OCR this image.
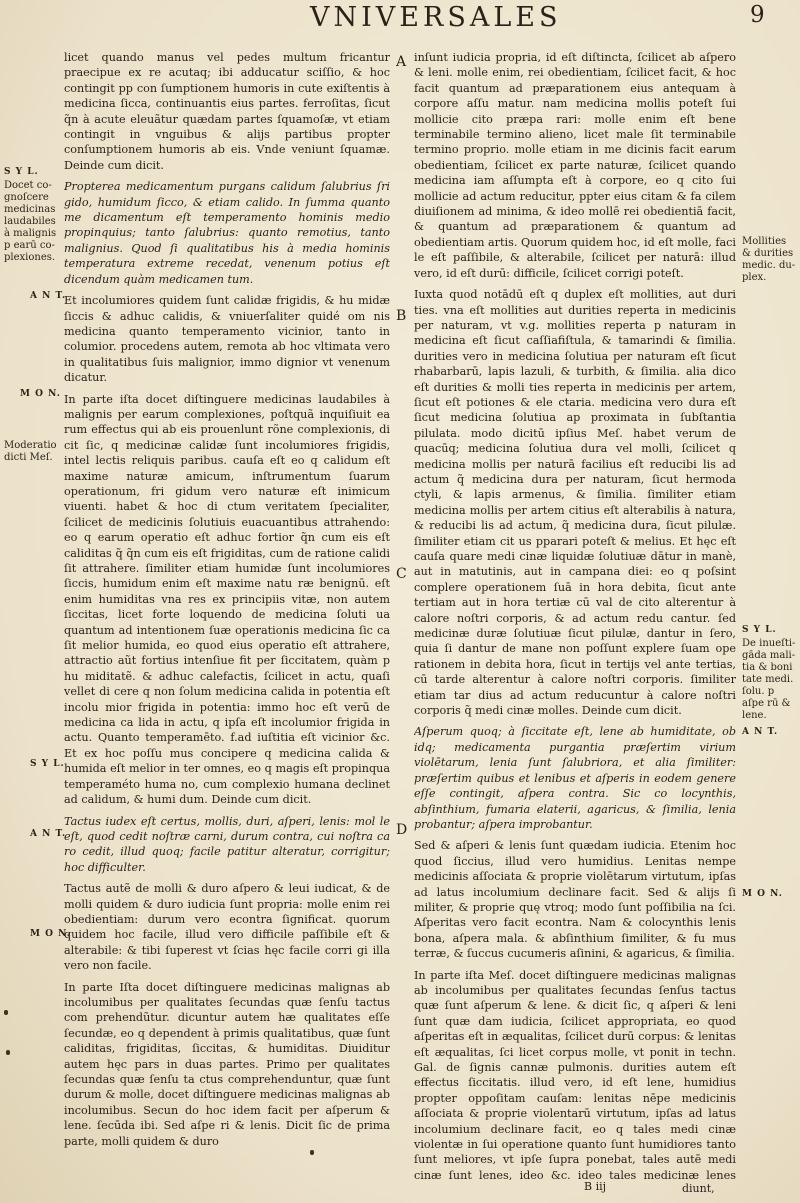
VNIVERSALES	9

licet quando manus vel pedes multum fricantur praecipue ex re acutaq; ibi adducatur sciſſio, & hoc contingit pp con ſumptionem humoris in cute exiſtentis à medicina ſicca, continuantis eius partes. ferroſitas, ſicut q̃n à acute eleuãtur quædam partes ſquamoſæ, vt etiam contingit in vnguibus & alijs partibus propter conſumptionem humoris ab eis. Vnde veniunt ſquamæ. Deinde cum dicit.

Propterea medicamentum purgans calidum ſalubrius ſri gido, humidum ſicco, & etiam calido. In ſumma quanto me dicamentum eſt temperamento hominis medio propinquius; tanto ſalubrius: quanto remotius, tanto malignius. Quod ſi qualitatibus his à media hominis temperatura extreme recedat, venenum potius eſt dicendum quàm medicamen tum.

Et incolumiores quidem ſunt calidæ frigidis, & hu midæ ſiccis & adhuc calidis, & vniuerſaliter quidé om nis medicina quanto temperamento vicinior, tanto in columior. procedens autem, remota ab hoc vltimata vero in qualitatibus ſuis malignior, immo dignior vt venenum dicatur.

In parte iſta docet diſtinguere medicinas laudabiles à malignis per earum complexiones, poſtquã inquiſiuit ea rum effectus qui ab eis prouenlunt rõne complexionis, di cit ſic, q medicinæ calidæ ſunt incolumiores frigidis, intel lectis reliquis paribus. cauſa eſt eo q calidum eſt maxime naturæ amicum, inſtrumentum ſuarum operationum, fri gidum vero naturæ eſt inimicum viuenti. habet & hoc di ctum veritatem ſpecialiter, ſcilicet de medicinis ſolutiuis euacuantibus attrahendo: eo q earum operatio eſt adhuc fortior q̃n cum eis eſt caliditas q̃ q̃n cum eis eſt frigiditas, cum de ratione calidi ſit attrahere. ſimiliter etiam humidæ ſunt incolumiores ſiccis, humidum enim eſt maxime natu ræ benignū. eſt enim humiditas vna res ex principiis vitæ, non autem ſiccitas, licet forte loquendo de medicina ſoluti ua quantum ad intentionem ſuæ operationis medicina ſic ca ſit melior humida, eo quod eius operatio eſt attrahere, attractio aũt fortius intenſiue fit per ſiccitatem, quàm p hu miditatẽ. & adhuc calefactis, ſcilicet in actu, quaſi vellet di cere q non ſolum medicina calida in potentia eſt incolu mior frigida in potentia: immo hoc eſt verū de medicina ca lida in actu, q ipſa eſt incolumior frigida in actu. Quanto temperamēto. f.ad iuſtitia eſt vicinior &c. Et ex hoc poſſu mus concipere q medicina calida & humida eſt melior in ter omnes, eo q magis eſt propinqua temperaméto huma no, cum complexio humana declinet ad calidum, & humi dum. Deinde cum dicit.

Tactus iudex eſt certus, mollis, duri, aſperi, lenis: mol le eſt, quod cedit noſtræ carni, durum contra, cui noſtra ca ro cedit, illud quoq; facile patitur alteratur, corrigitur; hoc difficulter.

Tactus autẽ de molli & duro aſpero & leui iudicat, & de molli quidem & duro iudicia ſunt propria: molle enim rei obedientiam: durum vero econtra ſignificat. quorum quidem hoc facile, illud vero difficile paſſibile eſt & alterabile: & tibi ſuperest vt ſcias hęc facile corri gi illa vero non facile.

In parte Iſta docet diſtinguere medicinas malignas ab incolumibus per qualitates ſecundas quæ ſenſu tactus com prehendũtur. dicuntur autem hæ qualitates eſſe ſecundæ, eo q dependent à primis qualitatibus, quæ ſunt caliditas, frigiditas, ſiccitas, & humiditas. Diuiditur autem hęc pars in duas partes. Primo per qualitates ſecundas quæ ſenſu ta ctus comprehenduntur, quæ ſunt durum & molle, docet diſtinguere medicinas malignas ab incolumibus. Secun do hoc idem facit per aſperum & lene. ſecūda ibi. Sed aſpe ri & lenis. Dicit ſic de prima parte, molli quidem & duro

inſunt iudicia propria, id eſt diſtincta, ſcilicet ab aſpero & leni. molle enim, rei obedientiam, ſcilicet facit, & hoc facit quantum ad præparationem eius antequam à corpore aſſu matur. nam medicina mollis poteſt ſui mollicie cito præpa rari: molle enim eſt bene terminabile termino alieno, licet male ſit terminabile termino proprio. molle etiam in me dicinis facit earum obedientiam, ſcilicet ex parte naturæ, ſcilicet quando medicina iam aſſumpta eſt à corpore, eo q cito ſui mollicie ad actum reducitur, ppter eius citam & fa cilem diuiſionem ad minima, & ideo mollē rei obedientiā facit, & quantum ad præparationem & quantum ad obedientiam artis. Quorum quidem hoc, id eſt molle, faci le eſt paſſibile, & alterabile, ſcilicet per naturā: illud vero, id eſt durū: difficile, ſcilicet corrigi poteſt.

Iuxta quod notādū eſt q duplex eſt mollities, aut duri ties. vna eſt mollities aut durities reperta in medicinis per naturam, vt v.g. mollities reperta p naturam in medicina eſt ſicut caſſiafiſtula, & tamarindi & ſimilia. durities vero in medicina ſolutiua per naturam eſt ſicut rhabarbarū, lapis lazuli, & turbith, & ſimilia. alia dico eſt durities & molli ties reperta in medicinis per artem, ſicut eſt potiones & ele ctaria. medicina vero dura eſt ſicut medicina ſolutiua ap proximata in ſubſtantia pilulata. modo dicitū ipſius Meſ. habet verum de quacūq; medicina ſolutiua dura vel molli, ſcilicet q medicina mollis per naturā facilius eſt reducibi lis ad actum q̃ medicina dura per naturam, ſicut hermoda ctyli, & lapis armenus, & ſimilia. ſimiliter etiam medicina mollis per artem citius eſt alterabilis à natura, & reducibi lis ad actum, q̃ medicina dura, ſicut pilulæ. ſimiliter etiam cit us pparari poteſt & melius. Et hęc eſt cauſa quare medi cinæ liquidæ ſolutiuæ dātur in manè, aut in matutinis, aut in campana diei: eo q poſsint complere operationem ſuā in hora debita, ſicut ante tertiam aut in hora tertiæ cū val de cito alterentur à calore noſtri corporis, & ad actum redu cantur. ſed medicinæ duræ ſolutiuæ ſicut pilulæ, dantur in ſero, quia ſi dantur de mane non poſſunt explere ſuam ope rationem in debita hora, ſicut in tertijs vel ante tertias, cū tarde alterentur à calore noſtri corporis. ſimiliter etiam tar dius ad actum reducuntur à calore noſtri corporis q̃ medi cinæ molles. Deinde cum dicit.

Aſperum quoq; à ſiccitate eſt, lene ab humiditate, ob idq; medicamenta purgantia præſertim virium violētarum, lenia ſunt ſalubriora, et alia ſimiliter: præſertim quibus et lenibus et aſperis in eodem genere eſſe contingit, aſpera contra. Sic co locynthis, abſinthium, fumaria elaterii, agaricus, & ſimilia, lenia probantur; aſpera improbantur.

Sed & aſperi & lenis ſunt quædam iudicia. Etenim hoc quod ſiccius, illud vero humidius. Lenitas nempe medicinis aſſociata & proprie violētarum virtutum, ipſas ad latus incolumium declinare facit. Sed & alijs ſi militer, & proprie quę vtroq; modo ſunt poſſibilia na ſci. Aſperitas vero facit econtra. Nam & colocynthis lenis bona, aſpera mala. & abſinthium ſimiliter, & fu mus terræ, & ſuccus cucumeris aſinini, & agaricus, & ſimilia.

In parte iſta Meſ. docet diſtinguere medicinas malignas ab incolumibus per qualitates ſecundas ſenſus tactus quæ ſunt aſperum & lene. & dicit ſic, q aſperi & leni ſunt quæ dam iudicia, ſcilicet appropriata, eo quod aſperitas eſt in æqualitas, ſcilicet durū corpus: & lenitas eſt æqualitas, ſci licet corpus molle, vt ponit in techn. Gal. de ſignis cannæ pulmonis. durities autem eſt effectus ſiccitatis. illud vero, id eſt lene, humidius propter oppoſitam cauſam: lenitas nēpe medicinis aſſociata & proprie violentarū virtutum, ipſas ad latus incolumium declinare facit, eo q tales medi cinæ violentæ in ſui operatione quanto ſunt humidiores tanto ſunt meliores, vt ipſe ſupra ponebat, tales autē medi cinæ ſunt lenes, ideo &c. ideo tales medicinæ lenes

A
B
C
D
S Y L.
Docet co- gnoſcere medicinas laudabiles à malignis p earū co- plexiones.
A N T.
M O N.
Moderatio dicti Meſ.
S Y L.
A N T.
M O N.
Mollities & durities medic. du- plex.
S Y L.
De inueſti- gāda mali- tia & boni tate medi. ſolu. p aſpe rū & lene.
A N T.
M O N.
B iij	diunt,
